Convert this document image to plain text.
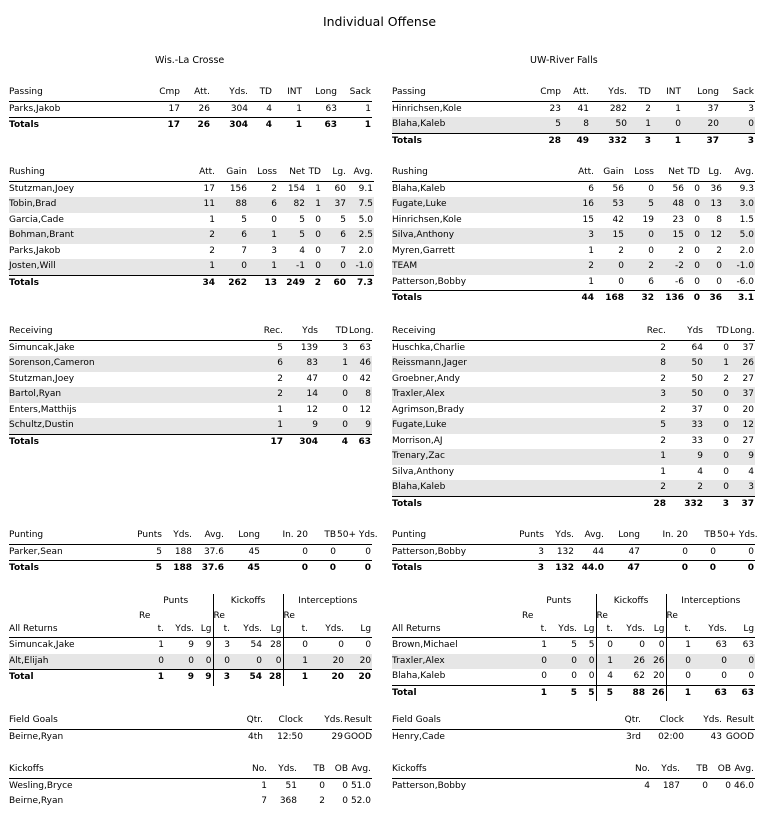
Individual Offense
Wis.-La Crosse	UW-River Falls
Passing	Cmp	Att.	Yds.	TD	INT	Long	Sack
Parks,Jakob	17	26	304	4	1	63	1
Totals	17	26	304	4	1	63	1
Passing	Cmp	Att.	Yds.	TD	INT	Long	Sack
Hinrichsen,Kole	23	41	282	2	1	37	3
Blaha,Kaleb	5	8	50	1	0	20	0
Totals	28	49	332	3	1	37	3
Rushing	Att.	Gain	Loss	Net	TD	Lg.	Avg.
Stutzman,Joey	17	156	2	154	1	60	9.1
Tobin,Brad	11	88	6	82	1	37	7.5
Garcia,Cade	1	5	0	5	0	5	5.0
Bohman,Brant	2	6	1	5	0	6	2.5
Parks,Jakob	2	7	3	4	0	7	2.0
Josten,Will	1	0	1	-1	0	0	-1.0
Totals	34	262	13	249	2	60	7.3
Rushing	Att.	Gain	Loss	Net	TD	Lg.	Avg.
Blaha,Kaleb	6	56	0	56	0	36	9.3
Fugate,Luke	16	53	5	48	0	13	3.0
Hinrichsen,Kole	15	42	19	23	0	8	1.5
Silva,Anthony	3	15	0	15	0	12	5.0
Myren,Garrett	1	2	0	2	0	2	2.0
TEAM	2	0	2	-2	0	0	-1.0
Patterson,Bobby	1	0	6	-6	0	0	-6.0
Totals	44	168	32	136	0	36	3.1
Receiving	Rec.	Yds	TD	Long.
Simuncak,Jake	5	139	3	63
Sorenson,Cameron	6	83	1	46
Stutzman,Joey	2	47	0	42
Bartol,Ryan	2	14	0	8
Enters,Matthijs	1	12	0	12
Schultz,Dustin	1	9	0	9
Totals	17	304	4	63
Receiving	Rec.	Yds	TD	Long.
Huschka,Charlie	2	64	0	37
Reissmann,Jager	8	50	1	26
Groebner,Andy	2	50	2	27
Traxler,Alex	3	50	0	37
Agrimson,Brady	2	37	0	20
Fugate,Luke	5	33	0	12
Morrison,AJ	2	33	0	27
Trenary,Zac	1	9	0	9
Silva,Anthony	1	4	0	4
Blaha,Kaleb	2	2	0	3
Totals	28	332	3	37
Punting	Punts	Yds.	Avg.	Long	In. 20	TB	50+ Yds.
Parker,Sean	5	188	37.6	45	0	0	0
Totals	5	188	37.6	45	0	0	0
Punting	Punts	Yds.	Avg.	Long	In. 20	TB	50+ Yds.
Patterson,Bobby	3	132	44	47	0	0	0
Totals	3	132	44.0	47	0	0	0
	Punts			Kickoffs			Interceptions		
	Re			Re			Re		
All Returns	t.	Yds.	Lg	t.	Yds.	Lg	t.	Yds.	Lg
Simuncak,Jake	1	9	9	3	54	28	0	0	0
Alt,Elijah	0	0	0	0	0	0	1	20	20
Total	1	9	9	3	54	28	1	20	20
	Punts			Kickoffs			Interceptions		
	Re			Re			Re		
All Returns	t.	Yds.	Lg	t.	Yds.	Lg	t.	Yds.	Lg
Brown,Michael	1	5	5	0	0	0	1	63	63
Traxler,Alex	0	0	0	1	26	26	0	0	0
Blaha,Kaleb	0	0	0	4	62	20	0	0	0
Total	1	5	5	5	88	26	1	63	63
Field Goals	Qtr.	Clock	Yds.	Result
Beirne,Ryan	4th	12:50	29	GOOD
Field Goals	Qtr.	Clock	Yds.	Result
Henry,Cade	3rd	02:00	43	GOOD
Kickoffs	No.	Yds.	TB	OB	Avg.
Wesling,Bryce	1	51	0	0	51.0
Beirne,Ryan	7	368	2	0	52.0
Kickoffs	No.	Yds.	TB	OB	Avg.
Patterson,Bobby	4	187	0	0	46.0
